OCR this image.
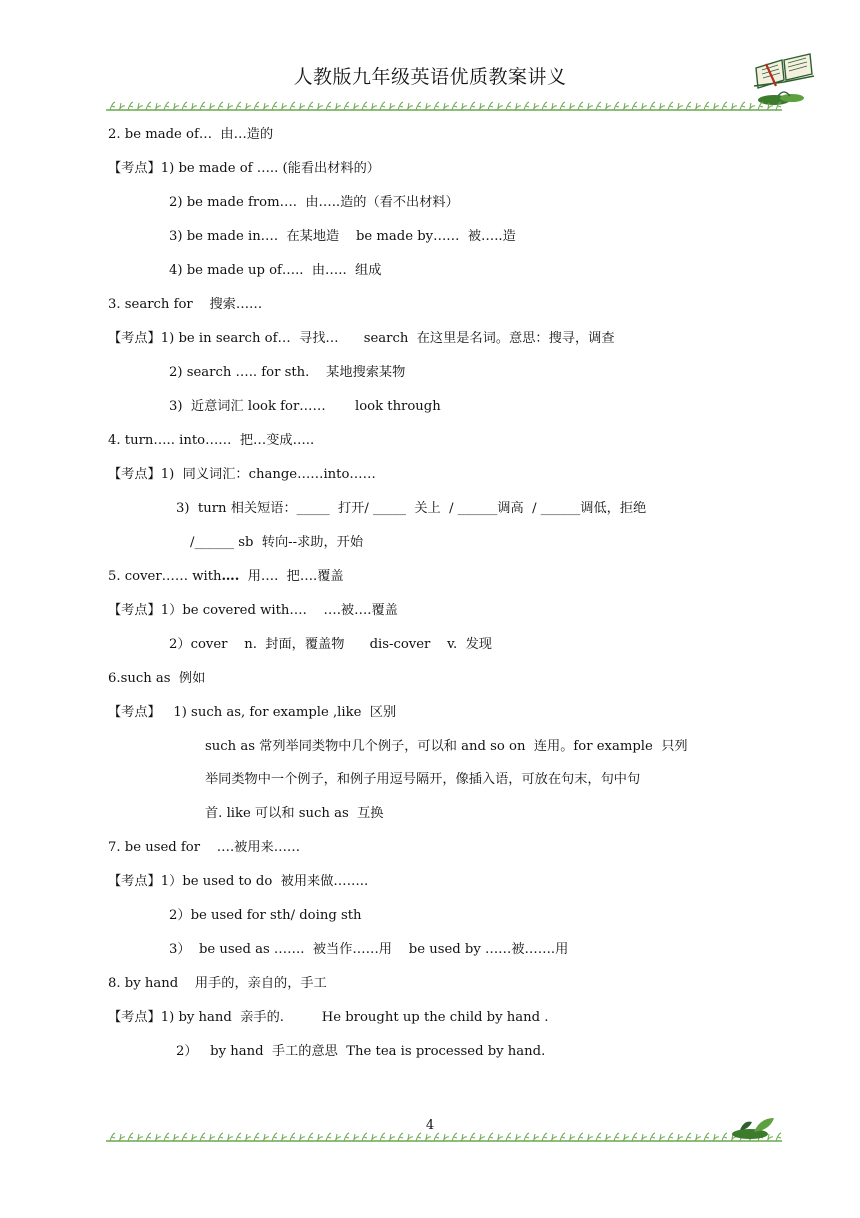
人教版九年级英语优质教案讲义
2. be made of…  由…造的
【考点】1) be made of ….. (能看出材料的）
2) be made from….  由…..造的（看不出材料）
3) be made in….  在某地造    be made by……  被…..造
4) be made up of…..  由…..  组成
3. search for    搜索……
【考点】1) be in search of…  寻找…      search  在这里是名词。意思：搜寻，调查
2) search ….. for sth.    某地搜索某物
3)  近意词汇 look for……       look through
4. turn….. into……  把…变成…..
【考点】1)  同义词汇：change……into……
3)  turn 相关短语：_____  打开/ _____  关上  / ______调高  / ______调低，拒绝
/______ sb  转向--求助，开始
5. cover…… with….  用….  把….覆盖
【考点】1）be covered with….    ….被….覆盖
2）cover    n.  封面，覆盖物      dis-cover    v.  发现
6.such as  例如
【考点】   1) such as, for example ,like  区别
such as 常列举同类物中几个例子，可以和 and so on  连用。for example  只列
举同类物中一个例子，和例子用逗号隔开，像插入语，可放在句末，句中句
首. like 可以和 such as  互换
7. be used for    ….被用来……
【考点】1）be used to do  被用来做……..
2）be used for sth/ doing sth
3）  be used as …….  被当作……用    be used by ……被…….用
8. by hand    用手的，亲自的，手工
【考点】1) by hand  亲手的.         He brought up the child by hand .
2）   by hand  手工的意思  The tea is processed by hand.
4
